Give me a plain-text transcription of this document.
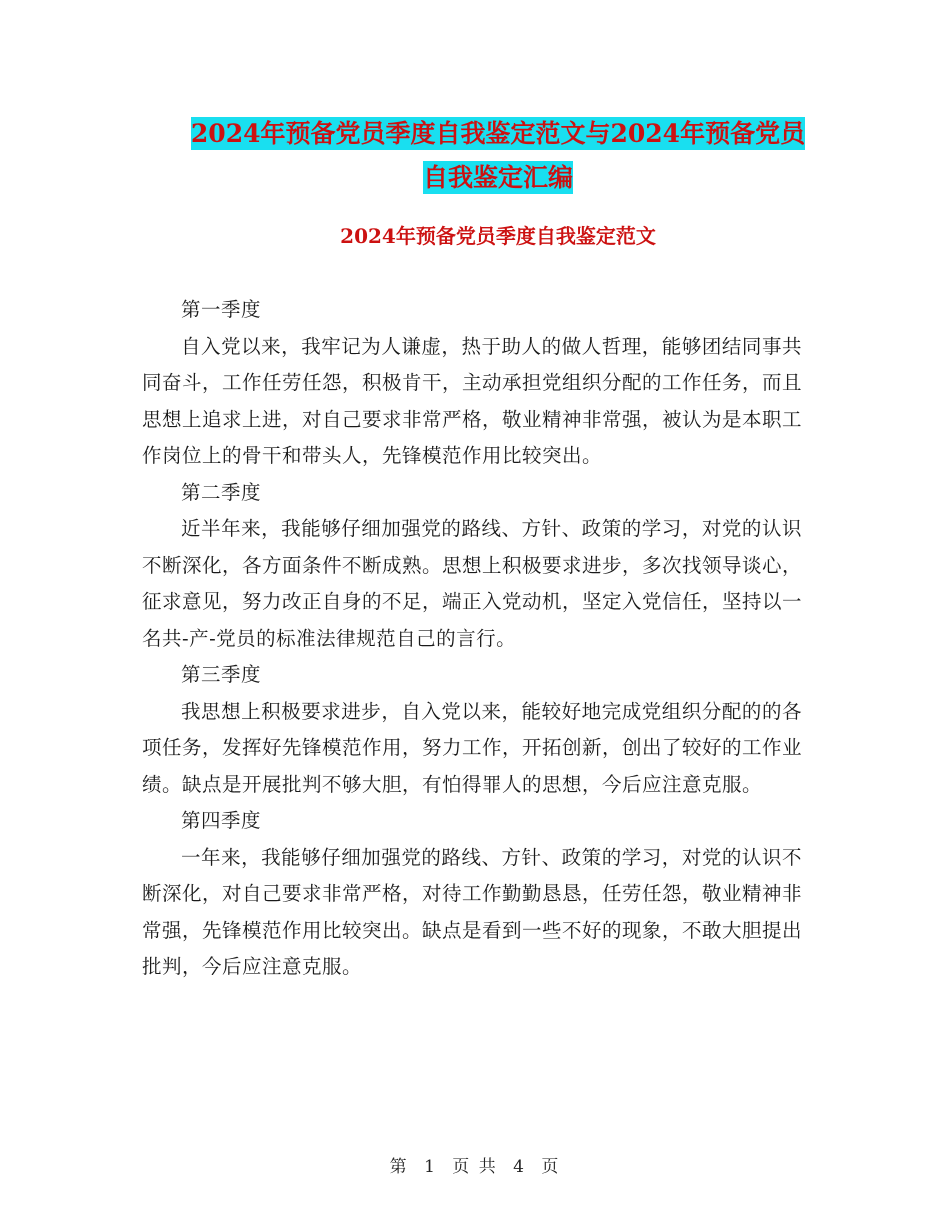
2024年预备党员季度自我鉴定范文与2024年预备党员
自我鉴定汇编
2024年预备党员季度自我鉴定范文

第一季度

自入党以来，我牢记为人谦虚，热于助人的做人哲理，能够团结同事共同奋斗，工作任劳任怨，积极肯干，主动承担党组织分配的工作任务，而且思想上追求上进，对自己要求非常严格，敬业精神非常强，被认为是本职工作岗位上的骨干和带头人，先锋模范作用比较突出。

第二季度

近半年来，我能够仔细加强党的路线、方针、政策的学习，对党的认识不断深化，各方面条件不断成熟。思想上积极要求进步，多次找领导谈心，征求意见，努力改正自身的不足，端正入党动机，坚定入党信任，坚持以一名共-产-党员的标准法律规范自己的言行。

第三季度

我思想上积极要求进步，自入党以来，能较好地完成党组织分配的的各项任务，发挥好先锋模范作用，努力工作，开拓创新，创出了较好的工作业绩。缺点是开展批判不够大胆，有怕得罪人的思想，今后应注意克服。

第四季度

一年来，我能够仔细加强党的路线、方针、政策的学习，对党的认识不断深化，对自己要求非常严格，对待工作勤勤恳恳，任劳任怨，敬业精神非常强，先锋模范作用比较突出。缺点是看到一些不好的现象，不敢大胆提出批判，今后应注意克服。

第 1 页 共 4 页
